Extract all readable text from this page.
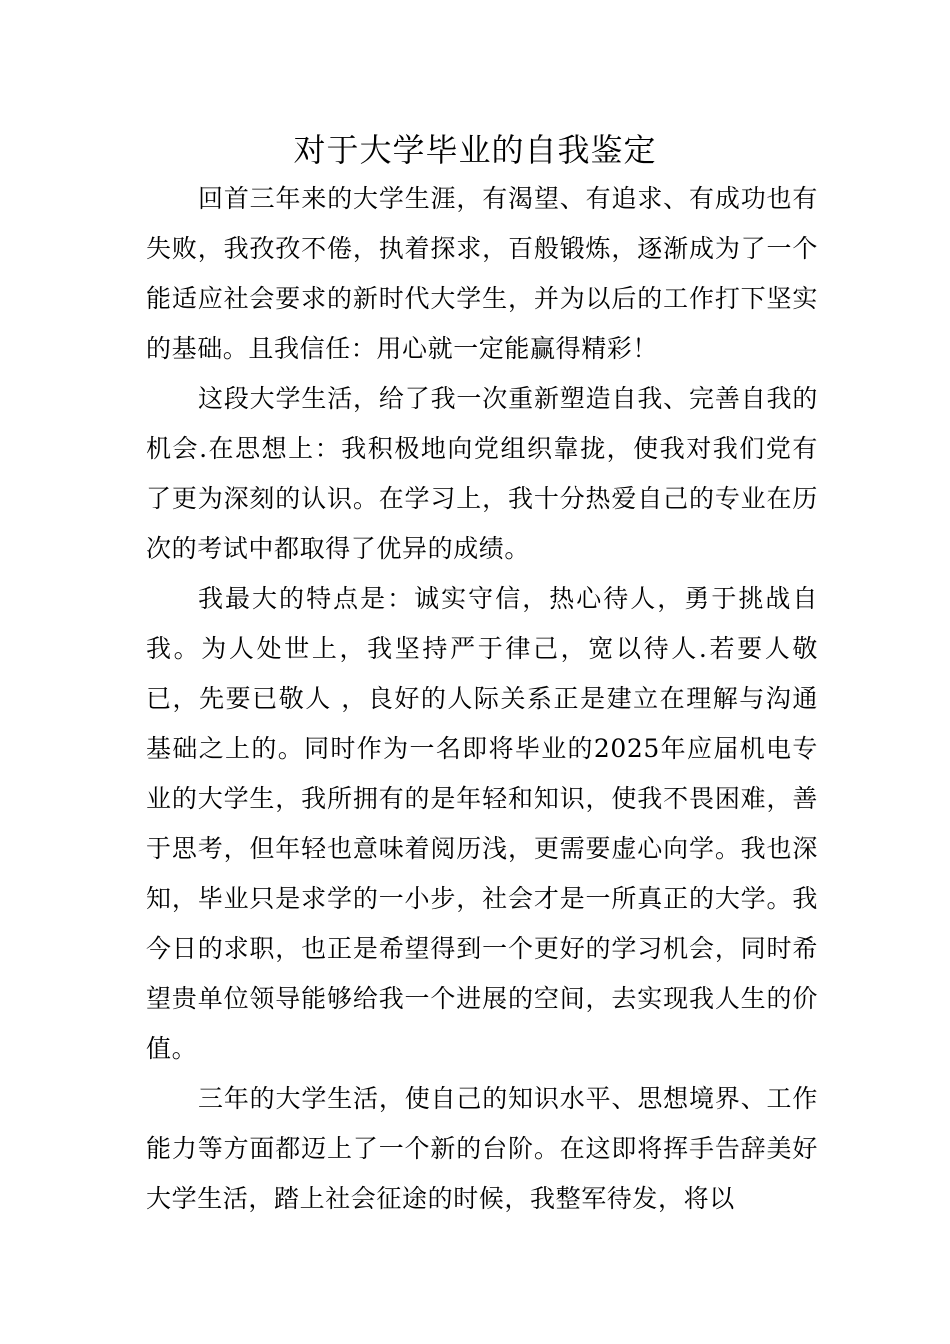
对于大学毕业的自我鉴定

回首三年来的大学生涯，有渴望、有追求、有成功也有失败，我孜孜不倦，执着探求，百般锻炼，逐渐成为了一个能适应社会要求的新时代大学生，并为以后的工作打下坚实的基础。且我信任：用心就一定能赢得精彩！

这段大学生活，给了我一次重新塑造自我、完善自我的机会.在思想上：我积极地向党组织靠拢，使我对我们党有了更为深刻的认识。在学习上，我十分热爱自己的专业在历次的考试中都取得了优异的成绩。

我最大的特点是：诚实守信，热心待人，勇于挑战自我。为人处世上，我坚持严于律己，宽以待人.若要人敬已，先要已敬人 ，良好的人际关系正是建立在理解与沟通基础之上的。同时作为一名即将毕业的2025年应届机电专业的大学生，我所拥有的是年轻和知识，使我不畏困难，善于思考，但年轻也意味着阅历浅，更需要虚心向学。我也深知，毕业只是求学的一小步，社会才是一所真正的大学。我今日的求职，也正是希望得到一个更好的学习机会，同时希望贵单位领导能够给我一个进展的空间，去实现我人生的价值。

三年的大学生活，使自己的知识水平、思想境界、工作能力等方面都迈上了一个新的台阶。在这即将挥手告辞美好大学生活，踏上社会征途的时候，我整军待发，将以
